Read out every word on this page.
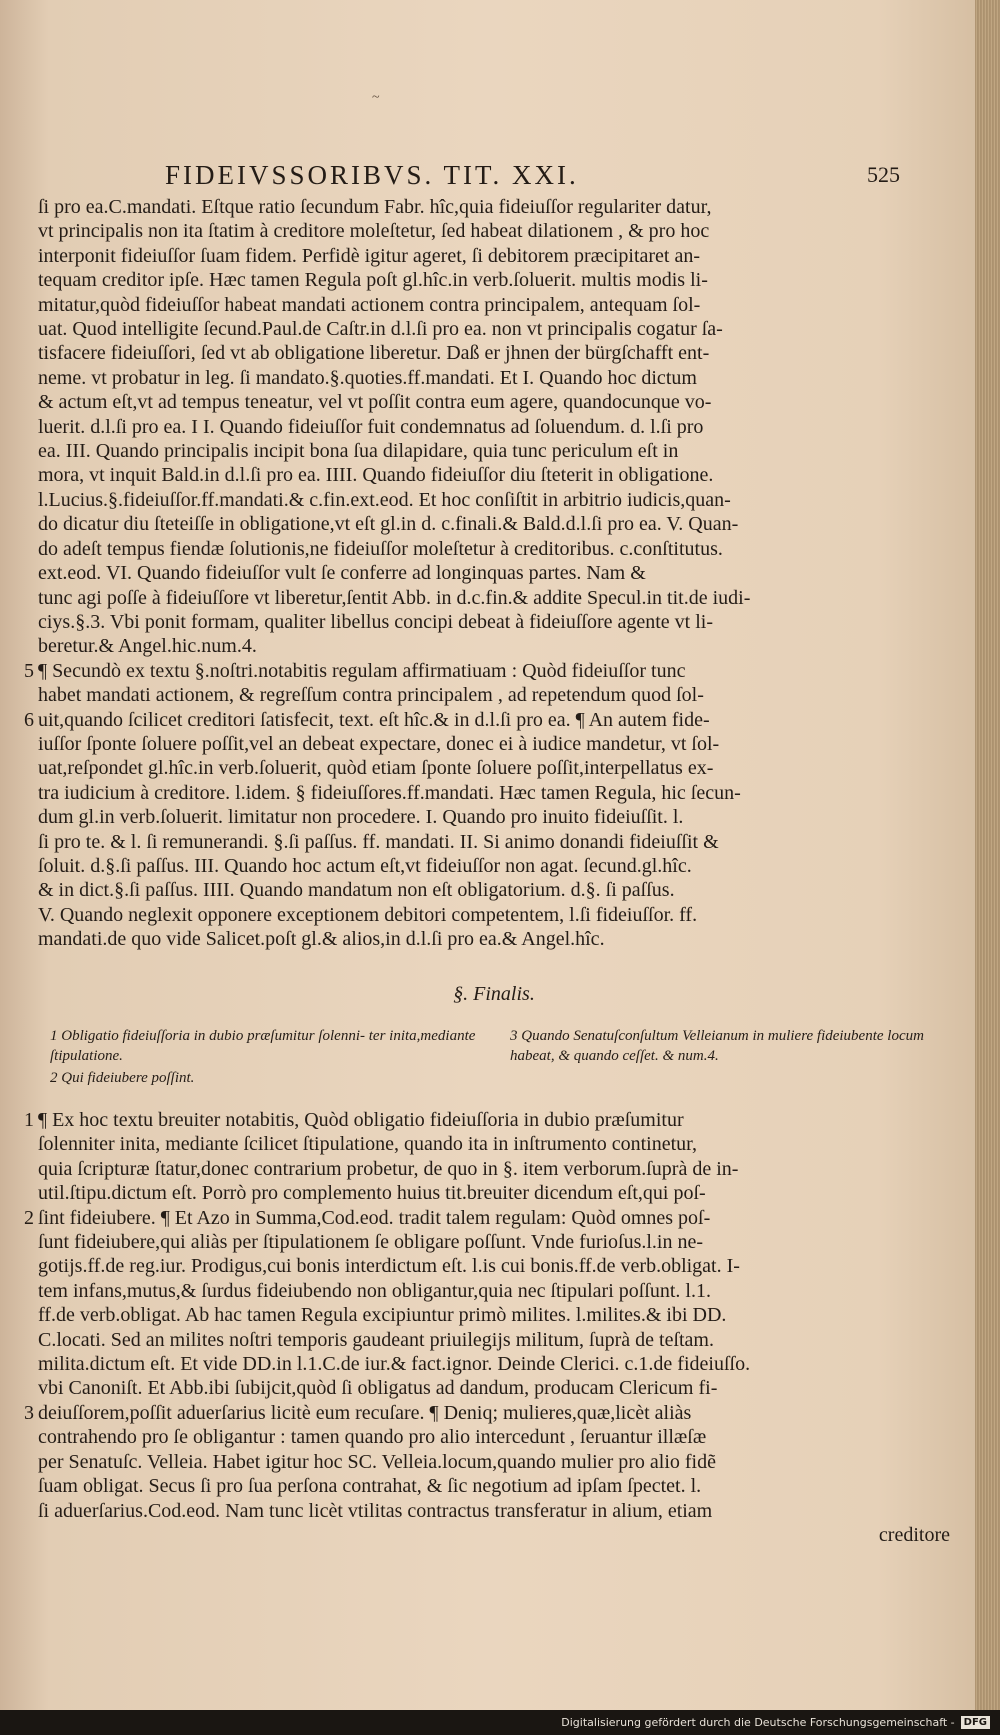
~
FIDEIVSSORIBVS. TIT. XXI.	525
ſi pro ea.C.mandati. Eſtque ratio ſecundum Fabr. hîc,quia fideiuſſor regulariter datur,
vt principalis non ita ſtatim à creditore moleſtetur, ſed habeat dilationem , & pro hoc
interponit fideiuſſor ſuam fidem. Perfidè igitur ageret, ſi debitorem præcipitaret an-
tequam creditor ipſe. Hæc tamen Regula poſt gl.hîc.in verb.ſoluerit. multis modis li-
mitatur,quòd fideiuſſor habeat mandati actionem contra principalem, antequam ſol-
uat. Quod intelligite ſecund.Paul.de Caſtr.in d.l.ſi pro ea. non vt principalis cogatur ſa-
tisfacere fideiuſſori, ſed vt ab obligatione liberetur. Daß er jhnen der bürgſchafft ent-
neme. vt probatur in leg. ſi mandato.§.quoties.ff.mandati. Et I. Quando hoc dictum
& actum eſt,vt ad tempus teneatur, vel vt poſſit contra eum agere, quandocunque vo-
luerit. d.l.ſi pro ea. I I. Quando fideiuſſor fuit condemnatus ad ſoluendum. d. l.ſi pro
ea. III. Quando principalis incipit bona ſua dilapidare, quia tunc periculum eſt in
mora, vt inquit Bald.in d.l.ſi pro ea. IIII. Quando fideiuſſor diu ſteterit in obligatione.
l.Lucius.§.fideiuſſor.ff.mandati.& c.fin.ext.eod. Et hoc conſiſtit in arbitrio iudicis,quan-
do dicatur diu ſteteiſſe in obligatione,vt eſt gl.in d. c.finali.& Bald.d.l.ſi pro ea. V. Quan-
do adeſt tempus fiendæ ſolutionis,ne fideiuſſor moleſtetur à creditoribus. c.conſtitutus.
ext.eod. VI. Quando fideiuſſor vult ſe conferre ad longinquas partes. Nam &
tunc agi poſſe à fideiuſſore vt liberetur,ſentit Abb. in d.c.fin.& addite Specul.in tit.de iudi-
ciys.§.3. Vbi ponit formam, qualiter libellus concipi debeat à fideiuſſore agente vt li-
beretur.& Angel.hic.num.4.
5 ¶ Secundò ex textu §.noſtri.notabitis regulam affirmatiuam : Quòd fideiuſſor tunc
habet mandati actionem, & regreſſum contra principalem , ad repetendum quod ſol-
6 uit,quando ſcilicet creditori ſatisfecit, text. eſt hîc.& in d.l.ſi pro ea. ¶ An autem fide-
iuſſor ſponte ſoluere poſſit,vel an debeat expectare, donec ei à iudice mandetur, vt ſol-
uat,reſpondet gl.hîc.in verb.ſoluerit, quòd etiam ſponte ſoluere poſſit,interpellatus ex-
tra iudicium à creditore. l.idem. § fideiuſſores.ff.mandati. Hæc tamen Regula, hic ſecun-
dum gl.in verb.ſoluerit. limitatur non procedere. I. Quando pro inuito fideiuſſit. l.
ſi pro te. & l. ſi remunerandi. §.ſi paſſus. ff. mandati. II. Si animo donandi fideiuſſit &
ſoluit. d.§.ſi paſſus. III. Quando hoc actum eſt,vt fideiuſſor non agat. ſecund.gl.hîc.
& in dict.§.ſi paſſus. IIII. Quando mandatum non eſt obligatorium. d.§. ſi paſſus.
V. Quando neglexit opponere exceptionem debitori competentem, l.ſi fideiuſſor. ff.
mandati.de quo vide Salicet.poſt gl.& alios,in d.l.ſi pro ea.& Angel.hîc.
§. Finalis.
1 Obligatio fideiuſſoria in dubio præſumitur ſolenni- ter inita,mediante ſtipulatione.
3 Quando Senatuſconſultum Velleianum in muliere fideiubente locum habeat, & quando ceſſet. & num.4.
2 Qui fideiubere poſſint.
1 ¶ Ex hoc textu breuiter notabitis, Quòd obligatio fideiuſſoria in dubio præſumitur
ſolenniter inita, mediante ſcilicet ſtipulatione, quando ita in inſtrumento continetur,
quia ſcripturæ ſtatur,donec contrarium probetur, de quo in §. item verborum.ſuprà de in-
util.ſtipu.dictum eſt. Porrò pro complemento huius tit.breuiter dicendum eſt,qui poſ-
2 ſint fideiubere. ¶ Et Azo in Summa,Cod.eod. tradit talem regulam: Quòd omnes poſ-
ſunt fideiubere,qui aliàs per ſtipulationem ſe obligare poſſunt. Vnde furioſus.l.in ne-
gotijs.ff.de reg.iur. Prodigus,cui bonis interdictum eſt. l.is cui bonis.ff.de verb.obligat. I-
tem infans,mutus,& ſurdus fideiubendo non obligantur,quia nec ſtipulari poſſunt. l.1.
ff.de verb.obligat. Ab hac tamen Regula excipiuntur primò milites. l.milites.& ibi DD.
C.locati. Sed an milites noſtri temporis gaudeant priuilegijs militum, ſuprà de teſtam.
milita.dictum eſt. Et vide DD.in l.1.C.de iur.& fact.ignor. Deinde Clerici. c.1.de fideiuſſo.
vbi Canoniſt. Et Abb.ibi ſubijcit,quòd ſi obligatus ad dandum, producam Clericum fi-
3 deiuſſorem,poſſit aduerſarius licitè eum recuſare. ¶ Deniq; mulieres,quæ,licèt aliàs
contrahendo pro ſe obligantur : tamen quando pro alio intercedunt , ſeruantur illæſæ
per Senatuſc. Velleia. Habet igitur hoc SC. Velleia.locum,quando mulier pro alio fidẽ
ſuam obligat. Secus ſi pro ſua perſona contrahat, & ſic negotium ad ipſam ſpectet. l.
ſi aduerſarius.Cod.eod. Nam tunc licèt vtilitas contractus transferatur in alium, etiam
creditore
Digitalisierung gefördert durch die Deutsche Forschungsgemeinschaft - DFG
